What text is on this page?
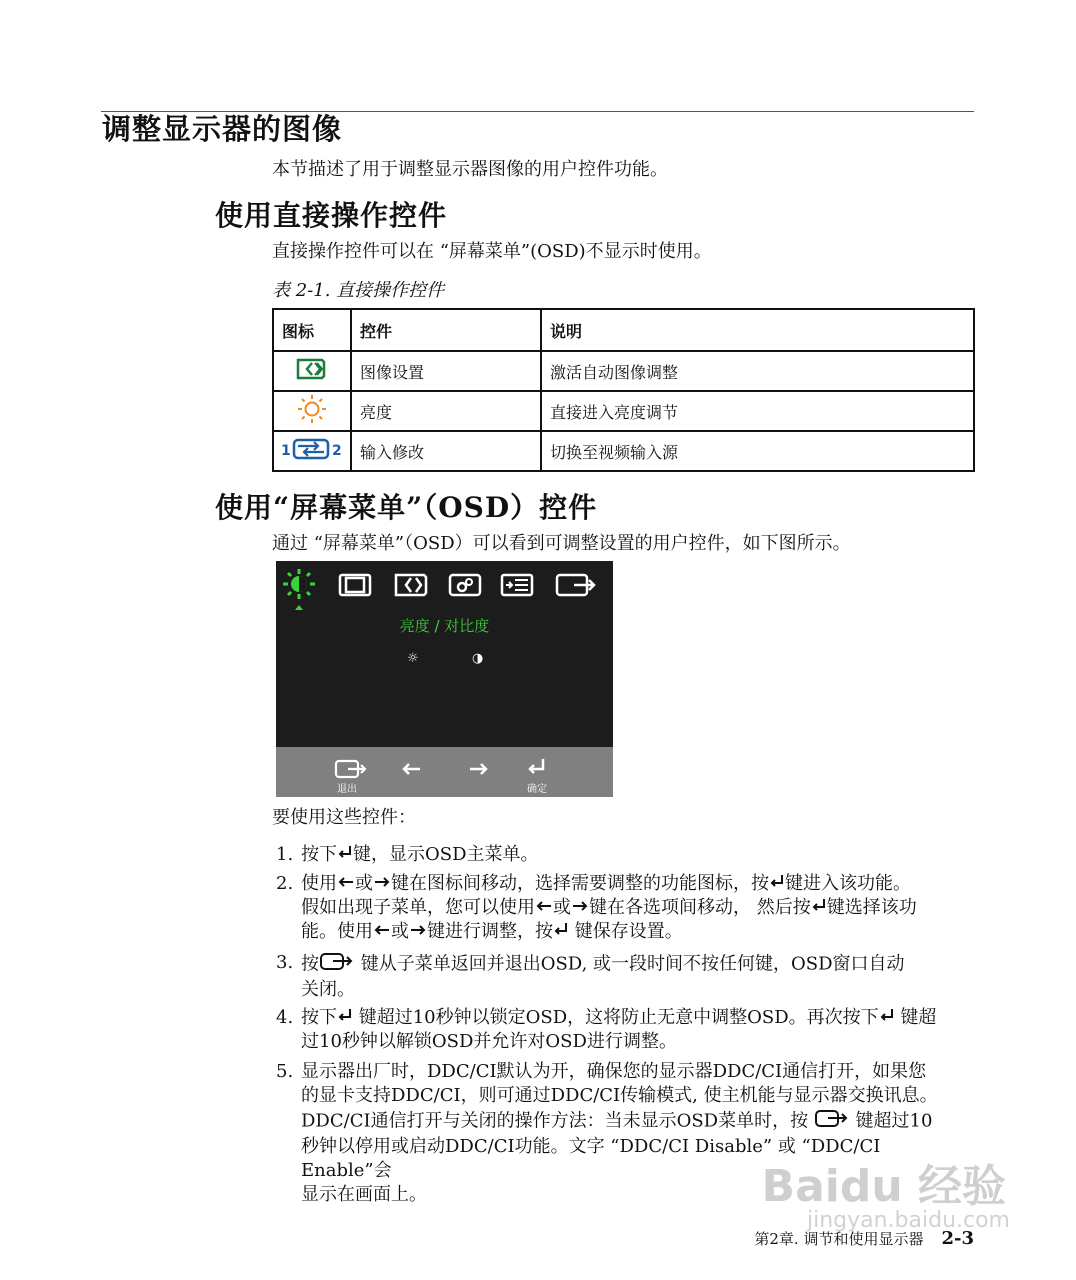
调整显示器的图像
本节描述了用于调整显示器图像的用户控件功能。
使用直接操作控件
直接操作控件可以在 “屏幕菜单”(OSD)不显示时使用。
表 2-1. 直接操作控件
图标	控件	说明
	图像设置	激活自动图像调整
	亮度	直接进入亮度调节

1 2	输入修改	切换至视频输入源
使用“屏幕菜单”（OSD）控件
通过 “屏幕菜单”（OSD）可以看到可调整设置的用户控件，如下图所示。
亮度 / 对比度
☼	◑
退出	确定
要使用这些控件：
1. 按下 键，显示OSD主菜单。
2. 使用 或 键在图标间移动，选择需要调整的功能图标，按 键进入该功能。
假如出现子菜单，您可以使用 或 键在各选项间移动， 然后按 键选择该功
能。使用 或 键进行调整，按 键保存设置。
3. 按 键从子菜单返回并退出OSD, 或一段时间不按任何键，OSD窗口自动
关闭。
4. 按下 键超过10秒钟以锁定OSD，这将防止无意中调整OSD。再次按下 键超
过10秒钟以解锁OSD并允许对OSD进行调整。
5. 显示器出厂时，DDC/CI默认为开，确保您的显示器DDC/CI通信打开，如果您
的显卡支持DDC/CI，则可通过DDC/CI传输模式, 使主机能与显示器交换讯息。
DDC/CI通信打开与关闭的操作方法：当未显示OSD菜单时，按  键超过10
秒钟以停用或启动DDC/CI功能。文字 “DDC/CI Disable” 或 “DDC/CI Enable”会
显示在画面上。	Baidu 经验
jingyan.baidu.com
第2章. 调节和使用显示器 2-3
